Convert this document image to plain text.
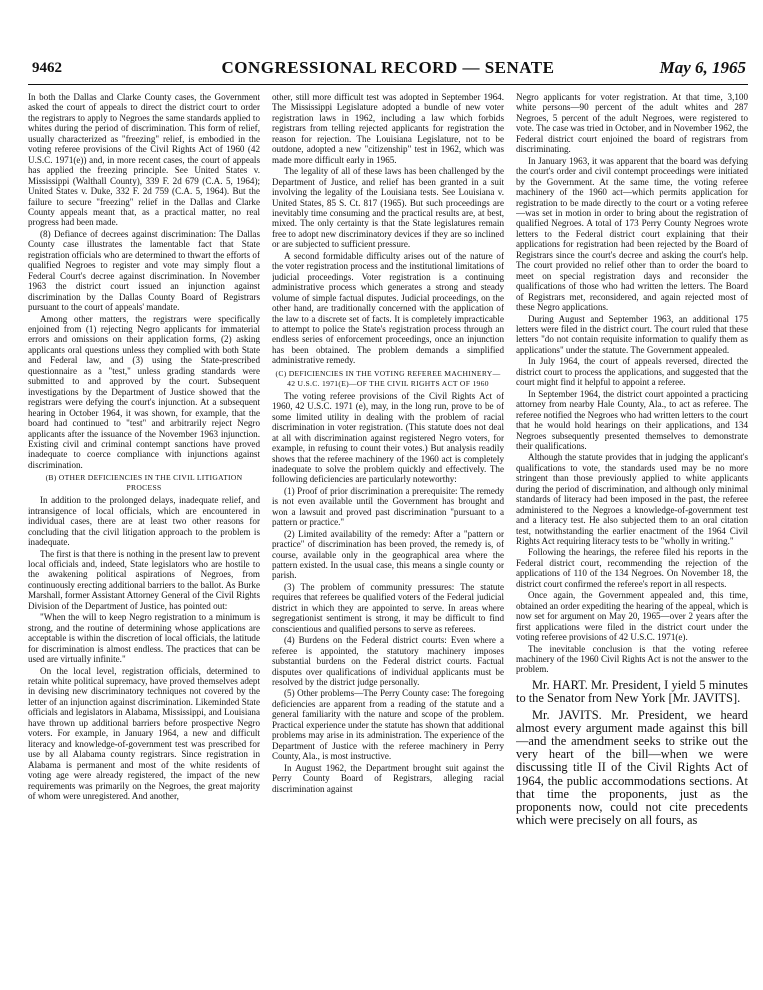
9462	CONGRESSIONAL RECORD — SENATE	May 6, 1965

In both the Dallas and Clarke County cases, the Government asked the court of appeals to direct the district court to order the registrars to apply to Negroes the same standards applied to whites during the period of discrimination. This form of relief, usually characterized as "freezing" relief, is embodied in the voting referee provisions of the Civil Rights Act of 1960 (42 U.S.C. 1971(e)) and, in more recent cases, the court of appeals has applied the freezing principle. See United States v. Mississippi (Walthall County), 339 F. 2d 679 (C.A. 5, 1964); United States v. Duke, 332 F. 2d 759 (C.A. 5, 1964). But the failure to secure "freezing" relief in the Dallas and Clarke County appeals meant that, as a practical matter, no real progress had been made.

(8) Defiance of decrees against discrimination: The Dallas County case illustrates the lamentable fact that State registration officials who are determined to thwart the efforts of qualified Negroes to register and vote may simply flout a Federal Court's decree against discrimination. In November 1963 the district court issued an injunction against discrimination by the Dallas County Board of Registrars pursuant to the court of appeals' mandate.

Among other matters, the registrars were specifically enjoined from (1) rejecting Negro applicants for immaterial errors and omissions on their application forms, (2) asking applicants oral questions unless they complied with both State and Federal law, and (3) using the State-prescribed questionnaire as a "test," unless grading standards were submitted to and approved by the court. Subsequent investigations by the Department of Justice showed that the registrars were defying the court's injunction. At a subsequent hearing in October 1964, it was shown, for example, that the board had continued to "test" and arbitrarily reject Negro applicants after the issuance of the November 1963 injunction. Existing civil and criminal contempt sanctions have proved inadequate to coerce compliance with injunctions against discrimination.

(B) OTHER DEFICIENCIES IN THE CIVIL LITIGATION PROCESS

In addition to the prolonged delays, inadequate relief, and intransigence of local officials, which are encountered in individual cases, there are at least two other reasons for concluding that the civil litigation approach to the problem is inadequate.

The first is that there is nothing in the present law to prevent local officials and, indeed, State legislators who are hostile to the awakening political aspirations of Negroes, from continuously erecting additional barriers to the ballot. As Burke Marshall, former Assistant Attorney General of the Civil Rights Division of the Department of Justice, has pointed out:

"When the will to keep Negro registration to a minimum is strong, and the routine of determining whose applications are acceptable is within the discretion of local officials, the latitude for discrimination is almost endless. The practices that can be used are virtually infinite."

On the local level, registration officials, determined to retain white political supremacy, have proved themselves adept in devising new discriminatory techniques not covered by the letter of an injunction against discrimination. Likeminded State officials and legislators in Alabama, Mississippi, and Louisiana have thrown up additional barriers before prospective Negro voters. For example, in January 1964, a new and difficult literacy and knowledge-of-government test was prescribed for use by all Alabama county registrars. Since registration in Alabama is permanent and most of the white residents of voting age were already registered, the impact of the new requirements was primarily on the Negroes, the great majority of whom were unregistered. And another,

other, still more difficult test was adopted in September 1964. The Mississippi Legislature adopted a bundle of new voter registration laws in 1962, including a law which forbids registrars from telling rejected applicants for registration the reason for rejection. The Louisiana Legislature, not to be outdone, adopted a new "citizenship" test in 1962, which was made more difficult early in 1965.

The legality of all of these laws has been challenged by the Department of Justice, and relief has been granted in a suit involving the legality of the Louisiana tests. See Louisiana v. United States, 85 S. Ct. 817 (1965). But such proceedings are inevitably time consuming and the practical results are, at best, mixed. The only certainty is that the State legislatures remain free to adopt new discriminatory devices if they are so inclined or are subjected to sufficient pressure.

A second formidable difficulty arises out of the nature of the voter registration process and the institutional limitations of judicial proceedings. Voter registration is a continuing administrative process which generates a strong and steady volume of simple factual disputes. Judicial proceedings, on the other hand, are traditionally concerned with the application of the law to a discrete set of facts. It is completely impracticable to attempt to police the State's registration process through an endless series of enforcement proceedings, once an injunction has been obtained. The problem demands a simplified administrative remedy.

(C) DEFICIENCIES IN THE VOTING REFEREE MACHINERY—42 U.S.C. 1971(E)—OF THE CIVIL RIGHTS ACT OF 1960

The voting referee provisions of the Civil Rights Act of 1960, 42 U.S.C. 1971 (e), may, in the long run, prove to be of some limited utility in dealing with the problem of racial discrimination in voter registration. (This statute does not deal at all with discrimination against registered Negro voters, for example, in refusing to count their votes.) But analysis readily shows that the referee machinery of the 1960 act is completely inadequate to solve the problem quickly and effectively. The following deficiencies are particularly noteworthy:

(1) Proof of prior discrimination a prerequisite: The remedy is not even available until the Government has brought and won a lawsuit and proved past discrimination "pursuant to a pattern or practice."

(2) Limited availability of the remedy: After a "pattern or practice" of discrimination has been proved, the remedy is, of course, available only in the geographical area where the pattern existed. In the usual case, this means a single county or parish.

(3) The problem of community pressures: The statute requires that referees be qualified voters of the Federal judicial district in which they are appointed to serve. In areas where segregationist sentiment is strong, it may be difficult to find conscientious and qualified persons to serve as referees.

(4) Burdens on the Federal district courts: Even where a referee is appointed, the statutory machinery imposes substantial burdens on the Federal district courts. Factual disputes over qualifications of individual applicants must be resolved by the district judge personally.

(5) Other problems—The Perry County case: The foregoing deficiencies are apparent from a reading of the statute and a general familiarity with the nature and scope of the problem. Practical experience under the statute has shown that additional problems may arise in its administration. The experience of the Department of Justice with the referee machinery in Perry County, Ala., is most instructive.

In August 1962, the Department brought suit against the Perry County Board of Registrars, alleging racial discrimination against

Negro applicants for voter registration. At that time, 3,100 white persons—90 percent of the adult whites and 287 Negroes, 5 percent of the adult Negroes, were registered to vote. The case was tried in October, and in November 1962, the Federal district court enjoined the board of registrars from discriminating.

In January 1963, it was apparent that the board was defying the court's order and civil contempt proceedings were initiated by the Government. At the same time, the voting referee machinery of the 1960 act—which permits application for registration to be made directly to the court or a voting referee—was set in motion in order to bring about the registration of qualified Negroes. A total of 173 Perry County Negroes wrote letters to the Federal district court explaining that their applications for registration had been rejected by the Board of Registrars since the court's decree and asking the court's help. The court provided no relief other than to order the board to meet on special registration days and reconsider the qualifications of those who had written the letters. The Board of Registrars met, reconsidered, and again rejected most of these Negro applications.

During August and September 1963, an additional 175 letters were filed in the district court. The court ruled that these letters "do not contain requisite information to qualify them as applications" under the statute. The Government appealed.

In July 1964, the court of appeals reversed, directed the district court to process the applications, and suggested that the court might find it helpful to appoint a referee.

In September 1964, the district court appointed a practicing attorney from nearby Hale County, Ala., to act as referee. The referee notified the Negroes who had written letters to the court that he would hold hearings on their applications, and 134 Negroes subsequently presented themselves to demonstrate their qualifications.

Although the statute provides that in judging the applicant's qualifications to vote, the standards used may be no more stringent than those previously applied to white applicants during the period of discrimination, and although only minimal standards of literacy had been imposed in the past, the referee administered to the Negroes a knowledge-of-government test and a literacy test. He also subjected them to an oral citation test, notwithstanding the earlier enactment of the 1964 Civil Rights Act requiring literacy tests to be "wholly in writing."

Following the hearings, the referee filed his reports in the Federal district court, recommending the rejection of the applications of 110 of the 134 Negroes. On November 18, the district court confirmed the referee's report in all respects.

Once again, the Government appealed and, this time, obtained an order expediting the hearing of the appeal, which is now set for argument on May 20, 1965—over 2 years after the first applications were filed in the district court under the voting referee provisions of 42 U.S.C. 1971(e).

The inevitable conclusion is that the voting referee machinery of the 1960 Civil Rights Act is not the answer to the problem.

Mr. HART. Mr. President, I yield 5 minutes to the Senator from New York [Mr. JAVITS].

Mr. JAVITS. Mr. President, we heard almost every argument made against this bill—and the amendment seeks to strike out the very heart of the bill—when we were discussing title II of the Civil Rights Act of 1964, the public accommodations sections. At that time the proponents, just as the proponents now, could not cite precedents which were precisely on all fours, as
